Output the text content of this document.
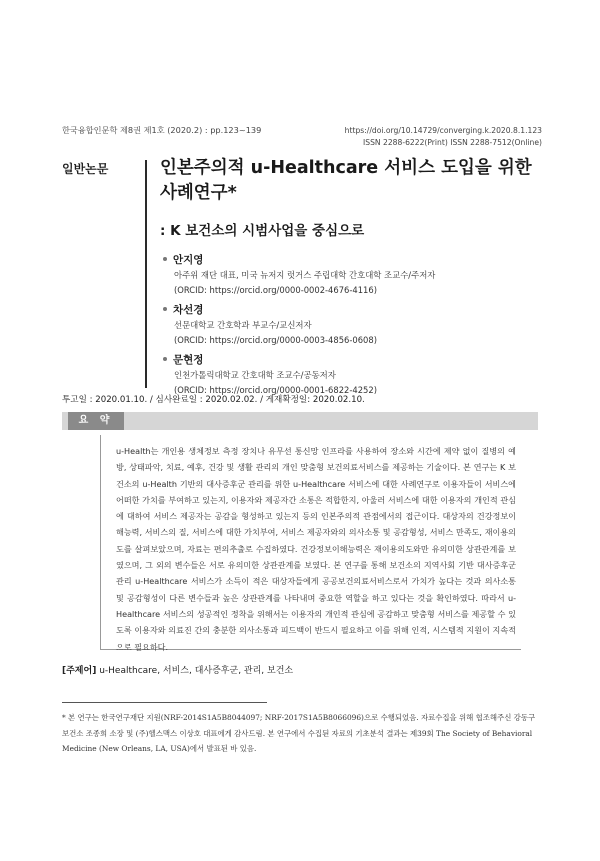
한국융합인문학 제8권 제1호 (2020.2) : pp.123~139	https://doi.org/10.14729/converging.k.2020.8.1.123
ISSN 2288-6222(Print) ISSN 2288-7512(Online)
일반논문	인본주의적 u-Healthcare 서비스 도입을 위한 사례연구*
: K 보건소의 시범사업을 중심으로
안지영
아주위 재단 대표, 미국 뉴저지 럿거스 주립대학 간호대학 조교수/주저자
(ORCID: https://orcid.org/0000-0002-4676-4116)
차선경
선문대학교 간호학과 부교수/교신저자
(ORCID: https://orcid.org/0000-0003-4856-0608)
문현정
인천가톨릭대학교 간호대학 조교수/공동저자
(ORCID: https://orcid.org/0000-0001-6822-4252)
투고일 : 2020.01.10. / 심사완료일 : 2020.02.02. / 게재확정일: 2020.02.10.
요 약
u-Health는 개인용 생체정보 측정 장치나 유무선 통신망 인프라를 사용하여 장소와 시간에 제약 없이 질병의 예방, 상태파악, 치료, 예후, 건강 및 생활 관리의 개인 맞춤형 보건의료서비스를 제공하는 기술이다. 본 연구는 K 보건소의 u-Health 기반의 대사증후군 관리를 위한 u-Healthcare 서비스에 대한 사례연구로 이용자들이 서비스에 어떠한 가치를 부여하고 있는지, 이용자와 제공자간 소통은 적합한지, 아울러 서비스에 대한 이용자의 개인적 관심에 대하여 서비스 제공자는 공감을 형성하고 있는지 등의 인본주의적 관점에서의 접근이다. 대상자의 건강정보이해능력, 서비스의 질, 서비스에 대한 가치부여, 서비스 제공자와의 의사소통 및 공감형성, 서비스 만족도, 재이용의도를 살펴보았으며, 자료는 편의추출로 수집하였다. 건강정보이해능력은 재이용의도와만 유의미한 상관관계를 보였으며, 그 외의 변수들은 서로 유의미한 상관관계를 보였다. 본 연구를 통해 보건소의 지역사회 기반 대사증후군 관리 u-Healthcare 서비스가 소득이 적은 대상자들에게 공공보건의료서비스로서 가치가 높다는 것과 의사소통 및 공감형성이 다른 변수들과 높은 상관관계를 나타내며 중요한 역할을 하고 있다는 것을 확인하였다. 따라서 u-Healthcare 서비스의 성공적인 정착을 위해서는 이용자의 개인적 관심에 공감하고 맞춤형 서비스를 제공할 수 있도록 이용자와 의료진 간의 충분한 의사소통과 피드백이 반드시 필요하고 이를 위해 인적, 시스템적 지원이 지속적으로 필요하다.
[주제어] u-Healthcare, 서비스, 대사증후군, 관리, 보건소
* 본 연구는 한국연구재단 지원(NRF-2014S1A5B8044097; NRF-2017S1A5B8066096)으로 수행되었음. 자료수집을 위해 협조해주신 강동구 보건소 조종희 소장 및 (주)헬스맥스 이상호 대표에게 감사드림. 본 연구에서 수집된 자료의 기초분석 결과는 제39회 The Society of Behavioral Medicine (New Orleans, LA, USA)에서 발표된 바 있음.
